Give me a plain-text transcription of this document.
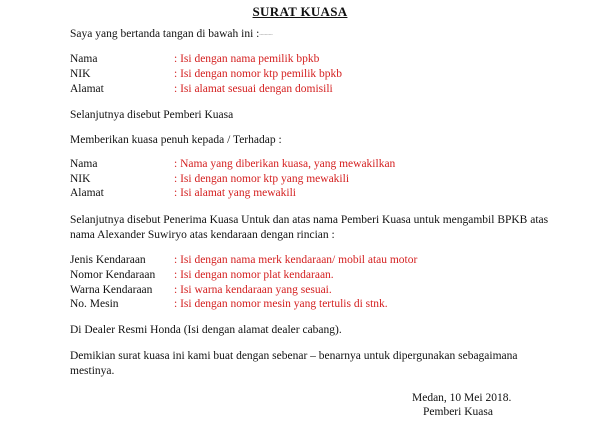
SURAT KUASA
Saya yang bertanda tangan di bawah ini :----------
Nama	: Isi dengan nama pemilik bpkb
NIK	: Isi dengan nomor ktp pemilik bpkb
Alamat	: Isi alamat sesuai dengan domisili
Selanjutnya disebut Pemberi Kuasa
Memberikan kuasa penuh kepada / Terhadap :
Nama	: Nama yang diberikan kuasa, yang mewakilkan
NIK	: Isi dengan nomor ktp yang mewakili
Alamat	: Isi alamat yang mewakili
Selanjutnya disebut Penerima Kuasa Untuk dan atas nama Pemberi Kuasa untuk mengambil BPKB atas
nama Alexander Suwiryo atas kendaraan dengan rincian :
Jenis Kendaraan : Isi dengan nama merk kendaraan/ mobil atau motor
Nomor Kendaraan : Isi dengan nomor plat kendaraan.
Warna Kendaraan : Isi warna kendaraan yang sesuai.
No. Mesin	: Isi dengan nomor mesin yang tertulis di stnk.
Di Dealer Resmi Honda (Isi dengan alamat dealer cabang).
Demikian surat kuasa ini kami buat dengan sebenar – benarnya untuk dipergunakan sebagaimana
mestinya.
Medan, 10 Mei 2018.
Pemberi Kuasa
